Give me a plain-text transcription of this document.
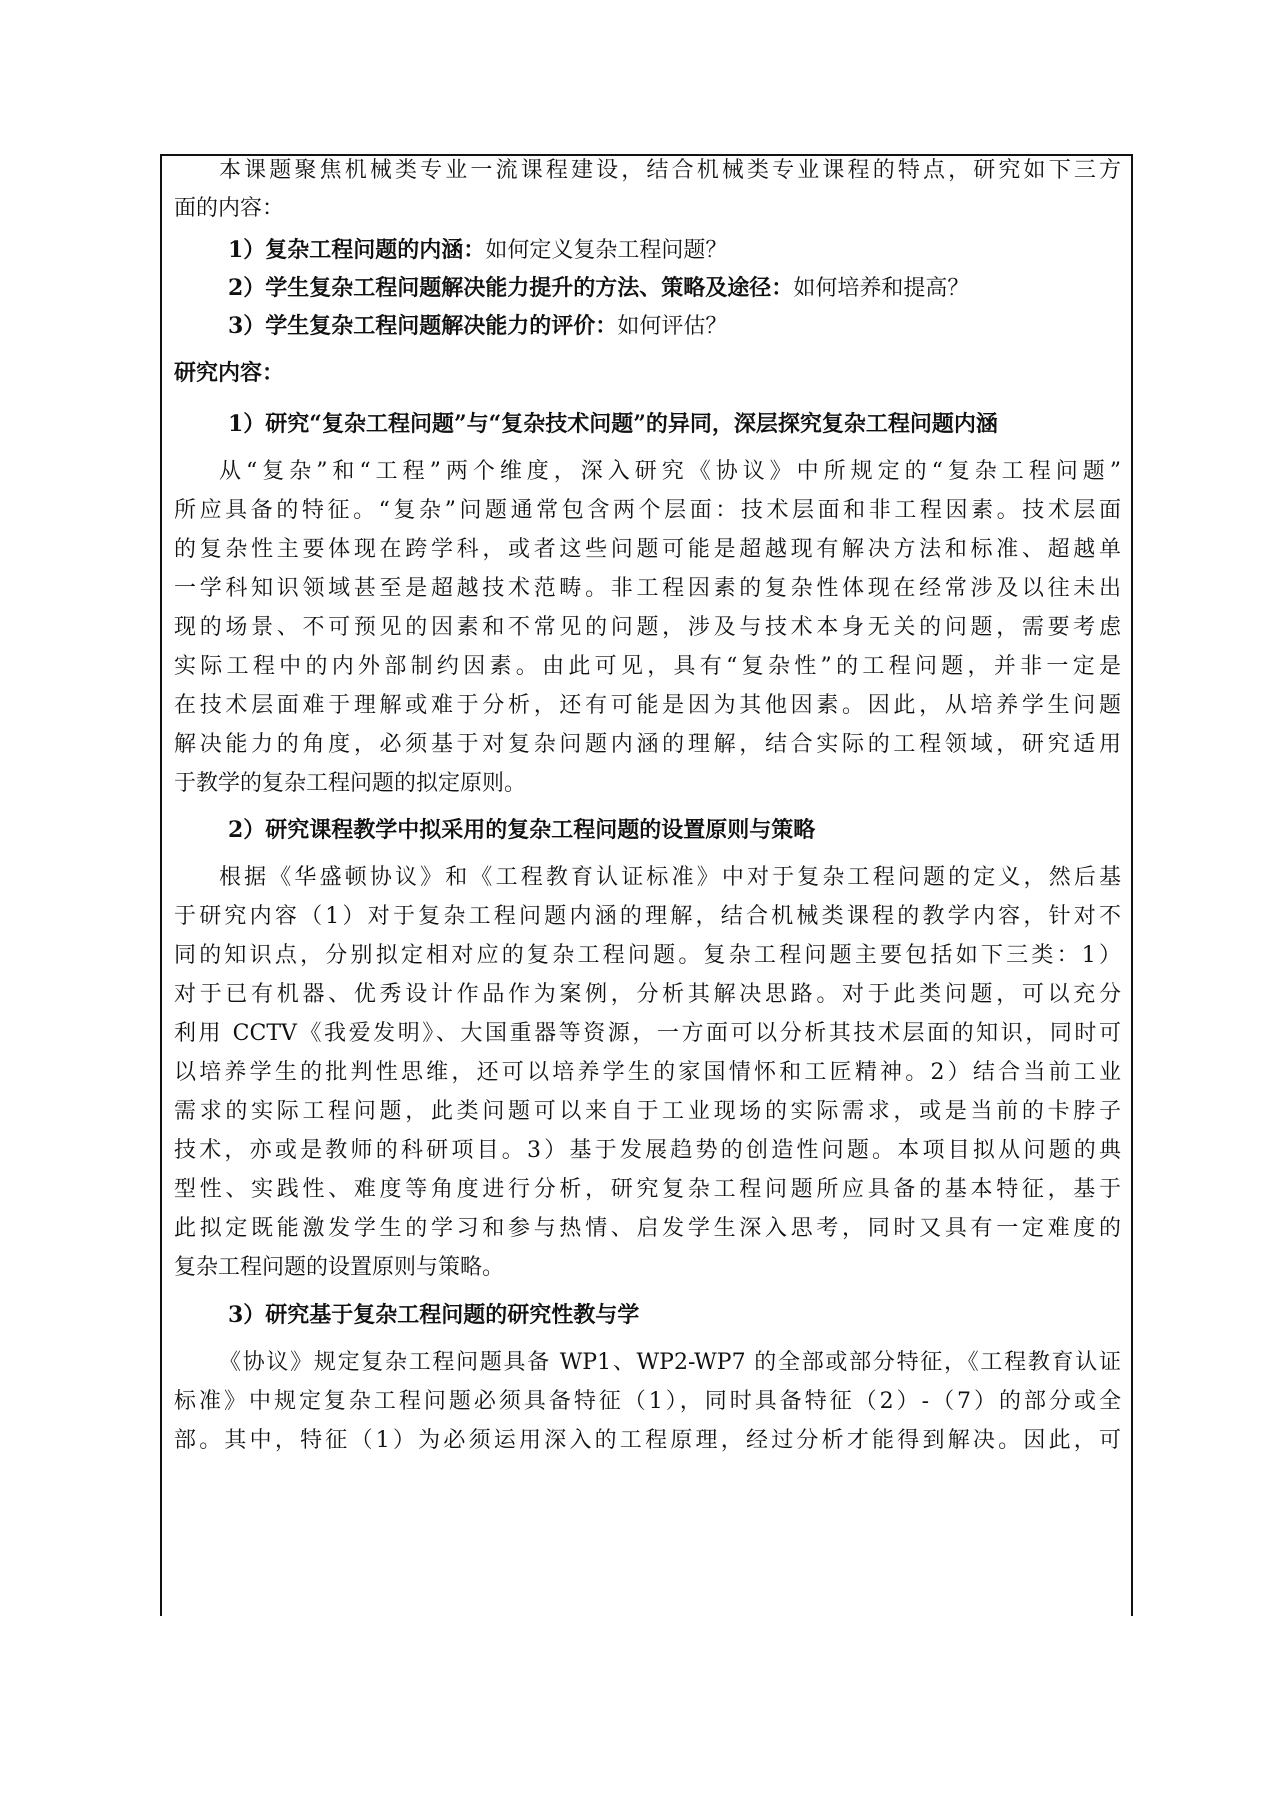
本课题聚焦机械类专业一流课程建设，结合机械类专业课程的特点，研究如下三方
面的内容：
1）复杂工程问题的内涵：如何定义复杂工程问题？
2）学生复杂工程问题解决能力提升的方法、策略及途径：如何培养和提高？
3）学生复杂工程问题解决能力的评价：如何评估？
研究内容：
1）研究“复杂工程问题”与“复杂技术问题”的异同，深层探究复杂工程问题内涵
从“复杂”和“工程”两个维度，深入研究《协议》中所规定的“复杂工程问题”
所应具备的特征。“复杂”问题通常包含两个层面：技术层面和非工程因素。技术层面
的复杂性主要体现在跨学科，或者这些问题可能是超越现有解决方法和标准、超越单
一学科知识领域甚至是超越技术范畴。非工程因素的复杂性体现在经常涉及以往未出
现的场景、不可预见的因素和不常见的问题，涉及与技术本身无关的问题，需要考虑
实际工程中的内外部制约因素。由此可见，具有“复杂性”的工程问题，并非一定是
在技术层面难于理解或难于分析，还有可能是因为其他因素。因此，从培养学生问题
解决能力的角度，必须基于对复杂问题内涵的理解，结合实际的工程领域，研究适用
于教学的复杂工程问题的拟定原则。
2）研究课程教学中拟采用的复杂工程问题的设置原则与策略
根据《华盛顿协议》和《工程教育认证标准》中对于复杂工程问题的定义，然后基
于研究内容（1）对于复杂工程问题内涵的理解，结合机械类课程的教学内容，针对不
同的知识点，分别拟定相对应的复杂工程问题。复杂工程问题主要包括如下三类：1）
对于已有机器、优秀设计作品作为案例，分析其解决思路。对于此类问题，可以充分
利用 CCTV《我爱发明》、大国重器等资源，一方面可以分析其技术层面的知识，同时可
以培养学生的批判性思维，还可以培养学生的家国情怀和工匠精神。2）结合当前工业
需求的实际工程问题，此类问题可以来自于工业现场的实际需求，或是当前的卡脖子
技术，亦或是教师的科研项目。3）基于发展趋势的创造性问题。本项目拟从问题的典
型性、实践性、难度等角度进行分析，研究复杂工程问题所应具备的基本特征，基于
此拟定既能激发学生的学习和参与热情、启发学生深入思考，同时又具有一定难度的
复杂工程问题的设置原则与策略。
3）研究基于复杂工程问题的研究性教与学
《协议》规定复杂工程问题具备 WP1、WP2-WP7 的全部或部分特征，《工程教育认证
标准》中规定复杂工程问题必须具备特征（1），同时具备特征（2）-（7）的部分或全
部。其中，特征（1）为必须运用深入的工程原理，经过分析才能得到解决。因此，可
